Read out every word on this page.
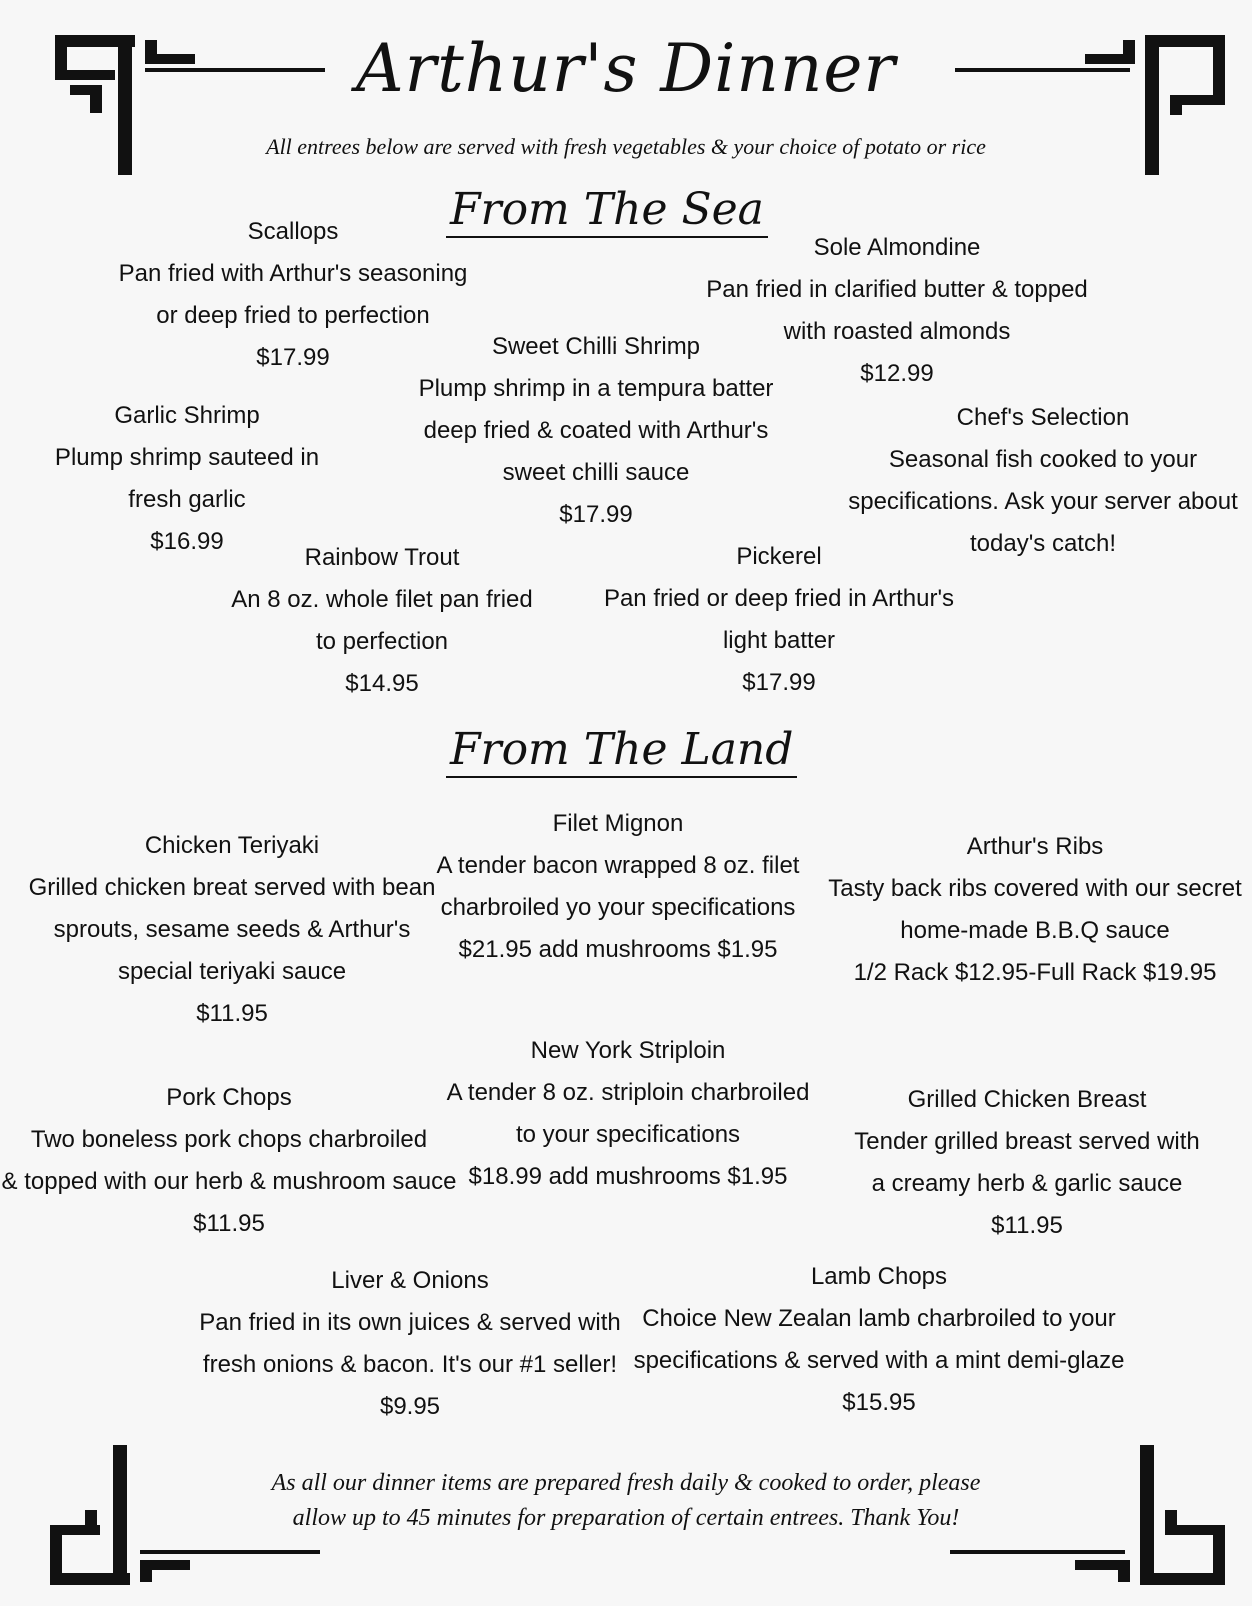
Arthur's Dinner
All entrees below are served with fresh vegetables & your choice of potato or rice
From The Sea
Scallops
Pan fried with Arthur's seasoning
or deep fried to perfection
$17.99
Sole Almondine
Pan fried in clarified butter & topped
with roasted almonds
$12.99
Sweet Chilli Shrimp
Plump shrimp in a tempura batter
deep fried & coated with Arthur's
sweet chilli sauce
$17.99
Garlic Shrimp
Plump shrimp sauteed in
fresh garlic
$16.99
Chef's Selection
Seasonal fish cooked to your
specifications. Ask your server about
today's catch!
Rainbow Trout
An 8 oz. whole filet pan fried
to perfection
$14.95
Pickerel
Pan fried or deep fried in Arthur's
light batter
$17.99
From The Land
Filet Mignon
A tender bacon wrapped 8 oz. filet
charbroiled yo your specifications
$21.95 add mushrooms $1.95
Chicken Teriyaki
Grilled chicken breat served with bean
sprouts, sesame seeds & Arthur's
special teriyaki sauce
$11.95
Arthur's Ribs
Tasty back ribs covered with our secret
home-made B.B.Q sauce
1/2 Rack $12.95-Full Rack $19.95
New York Striploin
A tender 8 oz. striploin charbroiled
to your specifications
$18.99 add mushrooms $1.95
Pork Chops
Two boneless pork chops charbroiled
& topped with our herb & mushroom sauce
$11.95
Grilled Chicken Breast
Tender grilled breast served with
a creamy herb & garlic sauce
$11.95
Liver & Onions
Pan fried in its own juices & served with
fresh onions & bacon. It's our #1 seller!
$9.95
Lamb Chops
Choice New Zealan lamb charbroiled to your
specifications & served with a mint demi-glaze
$15.95
As all our dinner items are prepared fresh daily & cooked to order, please
allow up to 45 minutes for preparation of certain entrees. Thank You!
